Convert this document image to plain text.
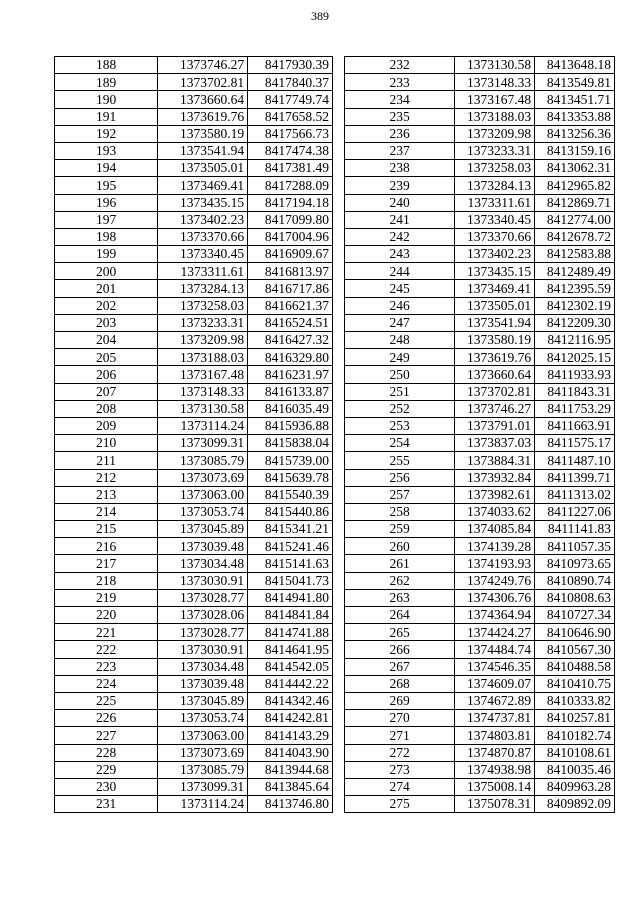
389
188	1373746.27	8417930.39
189	1373702.81	8417840.37
190	1373660.64	8417749.74
191	1373619.76	8417658.52
192	1373580.19	8417566.73
193	1373541.94	8417474.38
194	1373505.01	8417381.49
195	1373469.41	8417288.09
196	1373435.15	8417194.18
197	1373402.23	8417099.80
198	1373370.66	8417004.96
199	1373340.45	8416909.67
200	1373311.61	8416813.97
201	1373284.13	8416717.86
202	1373258.03	8416621.37
203	1373233.31	8416524.51
204	1373209.98	8416427.32
205	1373188.03	8416329.80
206	1373167.48	8416231.97
207	1373148.33	8416133.87
208	1373130.58	8416035.49
209	1373114.24	8415936.88
210	1373099.31	8415838.04
211	1373085.79	8415739.00
212	1373073.69	8415639.78
213	1373063.00	8415540.39
214	1373053.74	8415440.86
215	1373045.89	8415341.21
216	1373039.48	8415241.46
217	1373034.48	8415141.63
218	1373030.91	8415041.73
219	1373028.77	8414941.80
220	1373028.06	8414841.84
221	1373028.77	8414741.88
222	1373030.91	8414641.95
223	1373034.48	8414542.05
224	1373039.48	8414442.22
225	1373045.89	8414342.46
226	1373053.74	8414242.81
227	1373063.00	8414143.29
228	1373073.69	8414043.90
229	1373085.79	8413944.68
230	1373099.31	8413845.64
231	1373114.24	8413746.80
232	1373130.58	8413648.18
233	1373148.33	8413549.81
234	1373167.48	8413451.71
235	1373188.03	8413353.88
236	1373209.98	8413256.36
237	1373233.31	8413159.16
238	1373258.03	8413062.31
239	1373284.13	8412965.82
240	1373311.61	8412869.71
241	1373340.45	8412774.00
242	1373370.66	8412678.72
243	1373402.23	8412583.88
244	1373435.15	8412489.49
245	1373469.41	8412395.59
246	1373505.01	8412302.19
247	1373541.94	8412209.30
248	1373580.19	8412116.95
249	1373619.76	8412025.15
250	1373660.64	8411933.93
251	1373702.81	8411843.31
252	1373746.27	8411753.29
253	1373791.01	8411663.91
254	1373837.03	8411575.17
255	1373884.31	8411487.10
256	1373932.84	8411399.71
257	1373982.61	8411313.02
258	1374033.62	8411227.06
259	1374085.84	8411141.83
260	1374139.28	8411057.35
261	1374193.93	8410973.65
262	1374249.76	8410890.74
263	1374306.76	8410808.63
264	1374364.94	8410727.34
265	1374424.27	8410646.90
266	1374484.74	8410567.30
267	1374546.35	8410488.58
268	1374609.07	8410410.75
269	1374672.89	8410333.82
270	1374737.81	8410257.81
271	1374803.81	8410182.74
272	1374870.87	8410108.61
273	1374938.98	8410035.46
274	1375008.14	8409963.28
275	1375078.31	8409892.09
